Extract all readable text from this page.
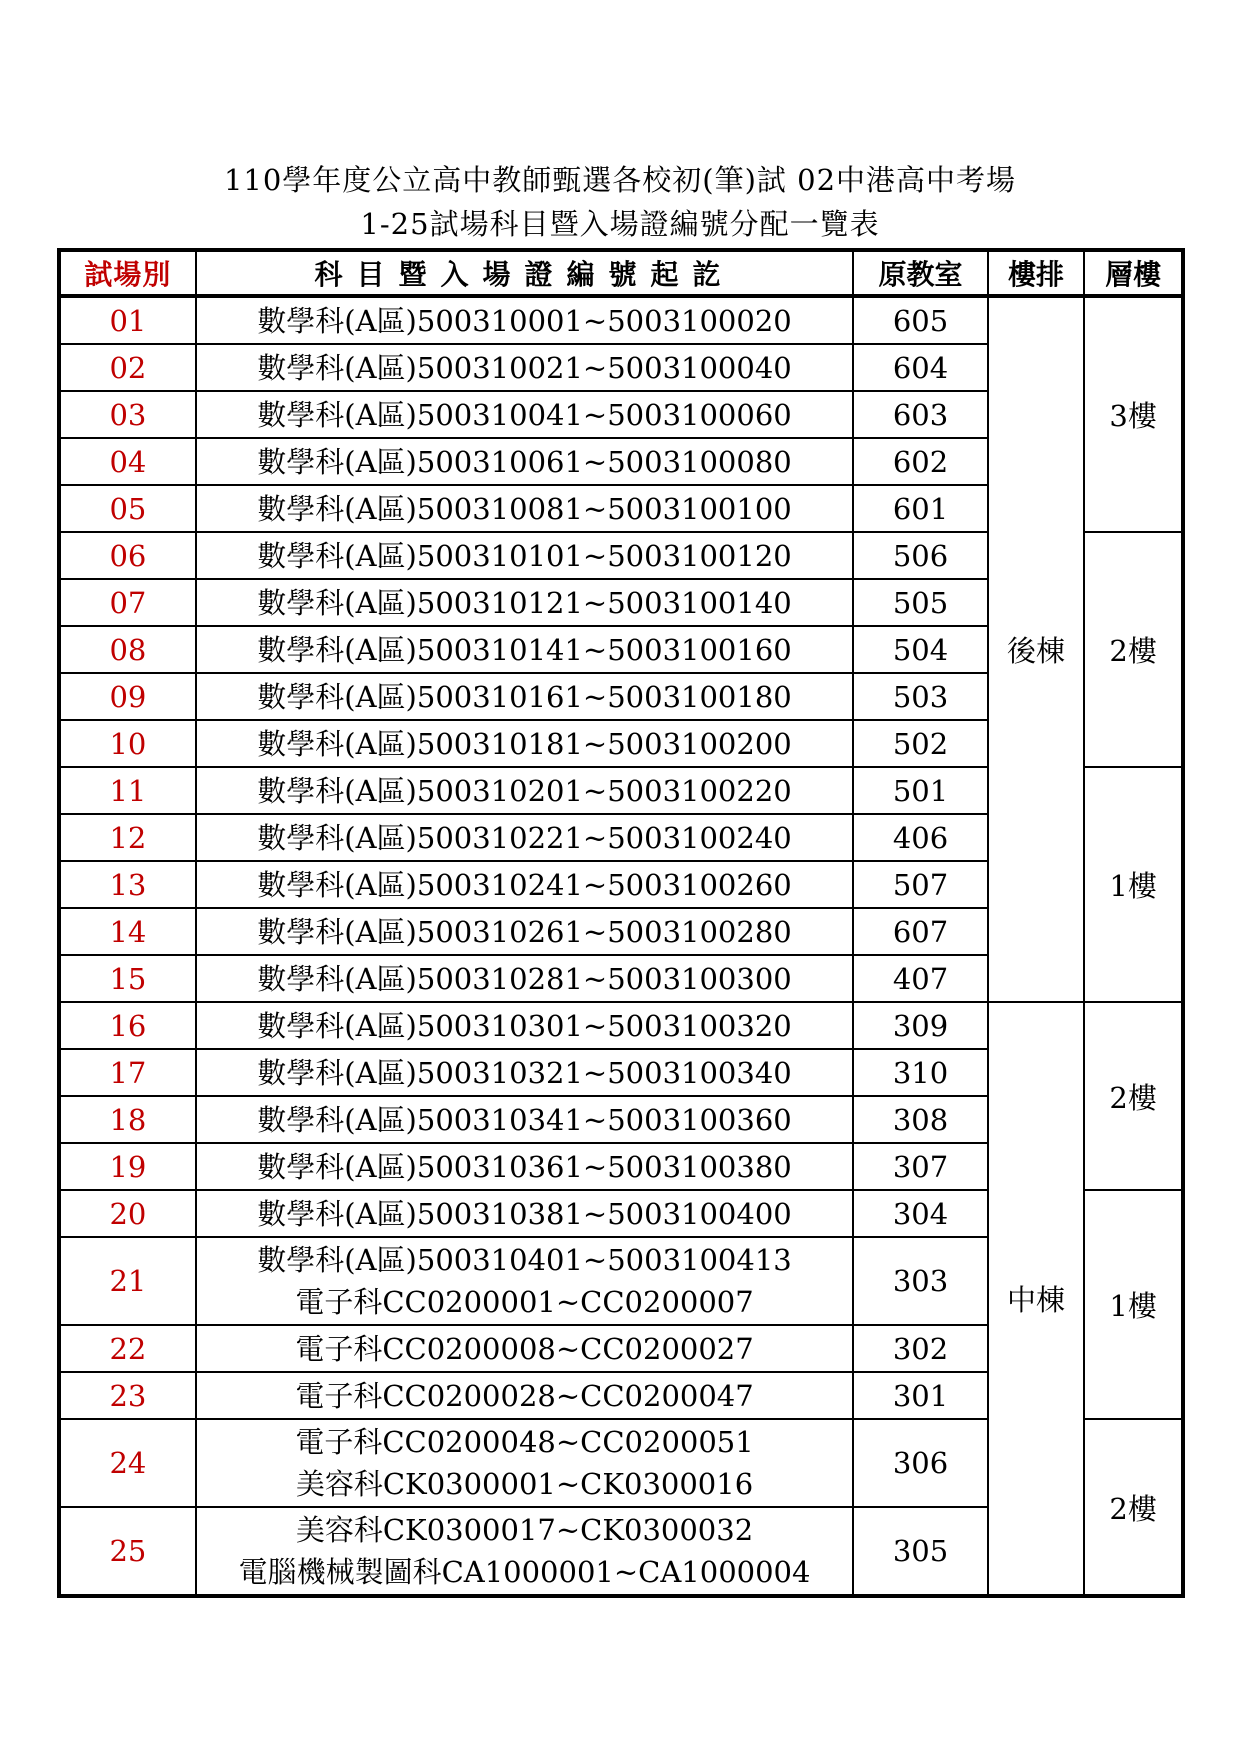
110學年度公立高中教師甄選各校初(筆)試 02中港高中考場
1-25試場科目暨入場證編號分配一覽表
試場別	科目暨入場證編號起訖	原教室	樓排	層樓
01	數學科(A區)500310001~5003100020	605	後棟	3樓
02	數學科(A區)500310021~5003100040	604		
03	數學科(A區)500310041~5003100060	603		
04	數學科(A區)500310061~5003100080	602		
05	數學科(A區)500310081~5003100100	601		
06	數學科(A區)500310101~5003100120	506		2樓
07	數學科(A區)500310121~5003100140	505		
08	數學科(A區)500310141~5003100160	504		
09	數學科(A區)500310161~5003100180	503		
10	數學科(A區)500310181~5003100200	502		
11	數學科(A區)500310201~5003100220	501		1樓
12	數學科(A區)500310221~5003100240	406		
13	數學科(A區)500310241~5003100260	507		
14	數學科(A區)500310261~5003100280	607		
15	數學科(A區)500310281~5003100300	407		
16	數學科(A區)500310301~5003100320	309	中棟	2樓
17	數學科(A區)500310321~5003100340	310		
18	數學科(A區)500310341~5003100360	308		
19	數學科(A區)500310361~5003100380	307		
20	數學科(A區)500310381~5003100400	304		1樓
21	數學科(A區)500310401~5003100413
電子科CC0200001~CC0200007	303		
22	電子科CC0200008~CC0200027	302		
23	電子科CC0200028~CC0200047	301		
24	電子科CC0200048~CC0200051
美容科CK0300001~CK0300016	306		2樓
25	美容科CK0300017~CK0300032
電腦機械製圖科CA1000001~CA1000004	305		
